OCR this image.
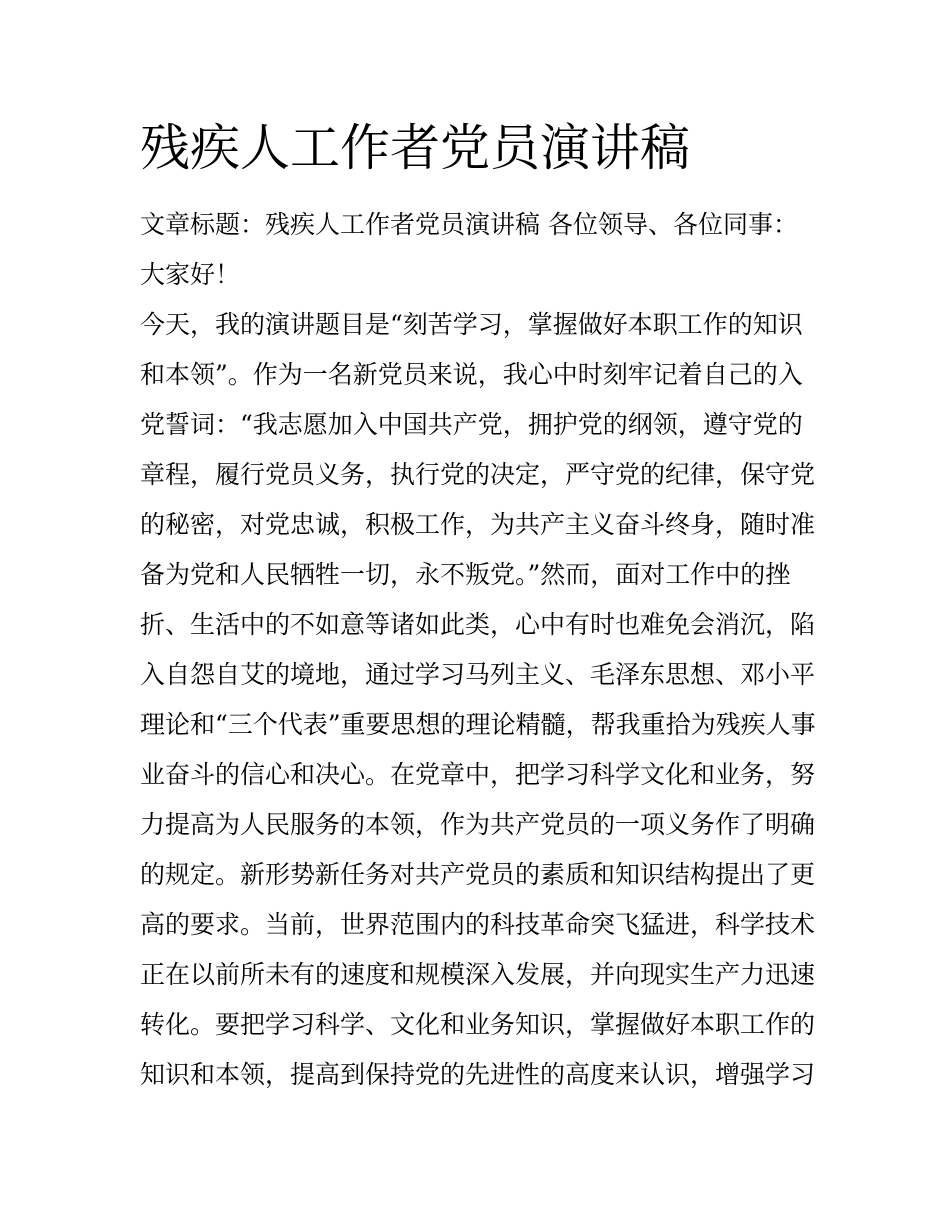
残疾人工作者党员演讲稿

文章标题：残疾人工作者党员演讲稿 各位领导、各位同事：

大家好！

今天，我的演讲题目是“刻苦学习，掌握做好本职工作的知识

和本领”。作为一名新党员来说，我心中时刻牢记着自己的入

党誓词：“我志愿加入中国共产党，拥护党的纲领，遵守党的

章程，履行党员义务，执行党的决定，严守党的纪律，保守党

的秘密，对党忠诚，积极工作，为共产主义奋斗终身，随时准

备为党和人民牺牲一切，永不叛党。”然而，面对工作中的挫

折、生活中的不如意等诸如此类，心中有时也难免会消沉，陷

入自怨自艾的境地，通过学习马列主义、毛泽东思想、邓小平

理论和“三个代表”重要思想的理论精髓，帮我重拾为残疾人事

业奋斗的信心和决心。在党章中，把学习科学文化和业务，努

力提高为人民服务的本领，作为共产党员的一项义务作了明确

的规定。新形势新任务对共产党员的素质和知识结构提出了更

高的要求。当前，世界范围内的科技革命突飞猛进，科学技术

正在以前所未有的速度和规模深入发展，并向现实生产力迅速

转化。要把学习科学、文化和业务知识，掌握做好本职工作的

知识和本领，提高到保持党的先进性的高度来认识，增强学习
